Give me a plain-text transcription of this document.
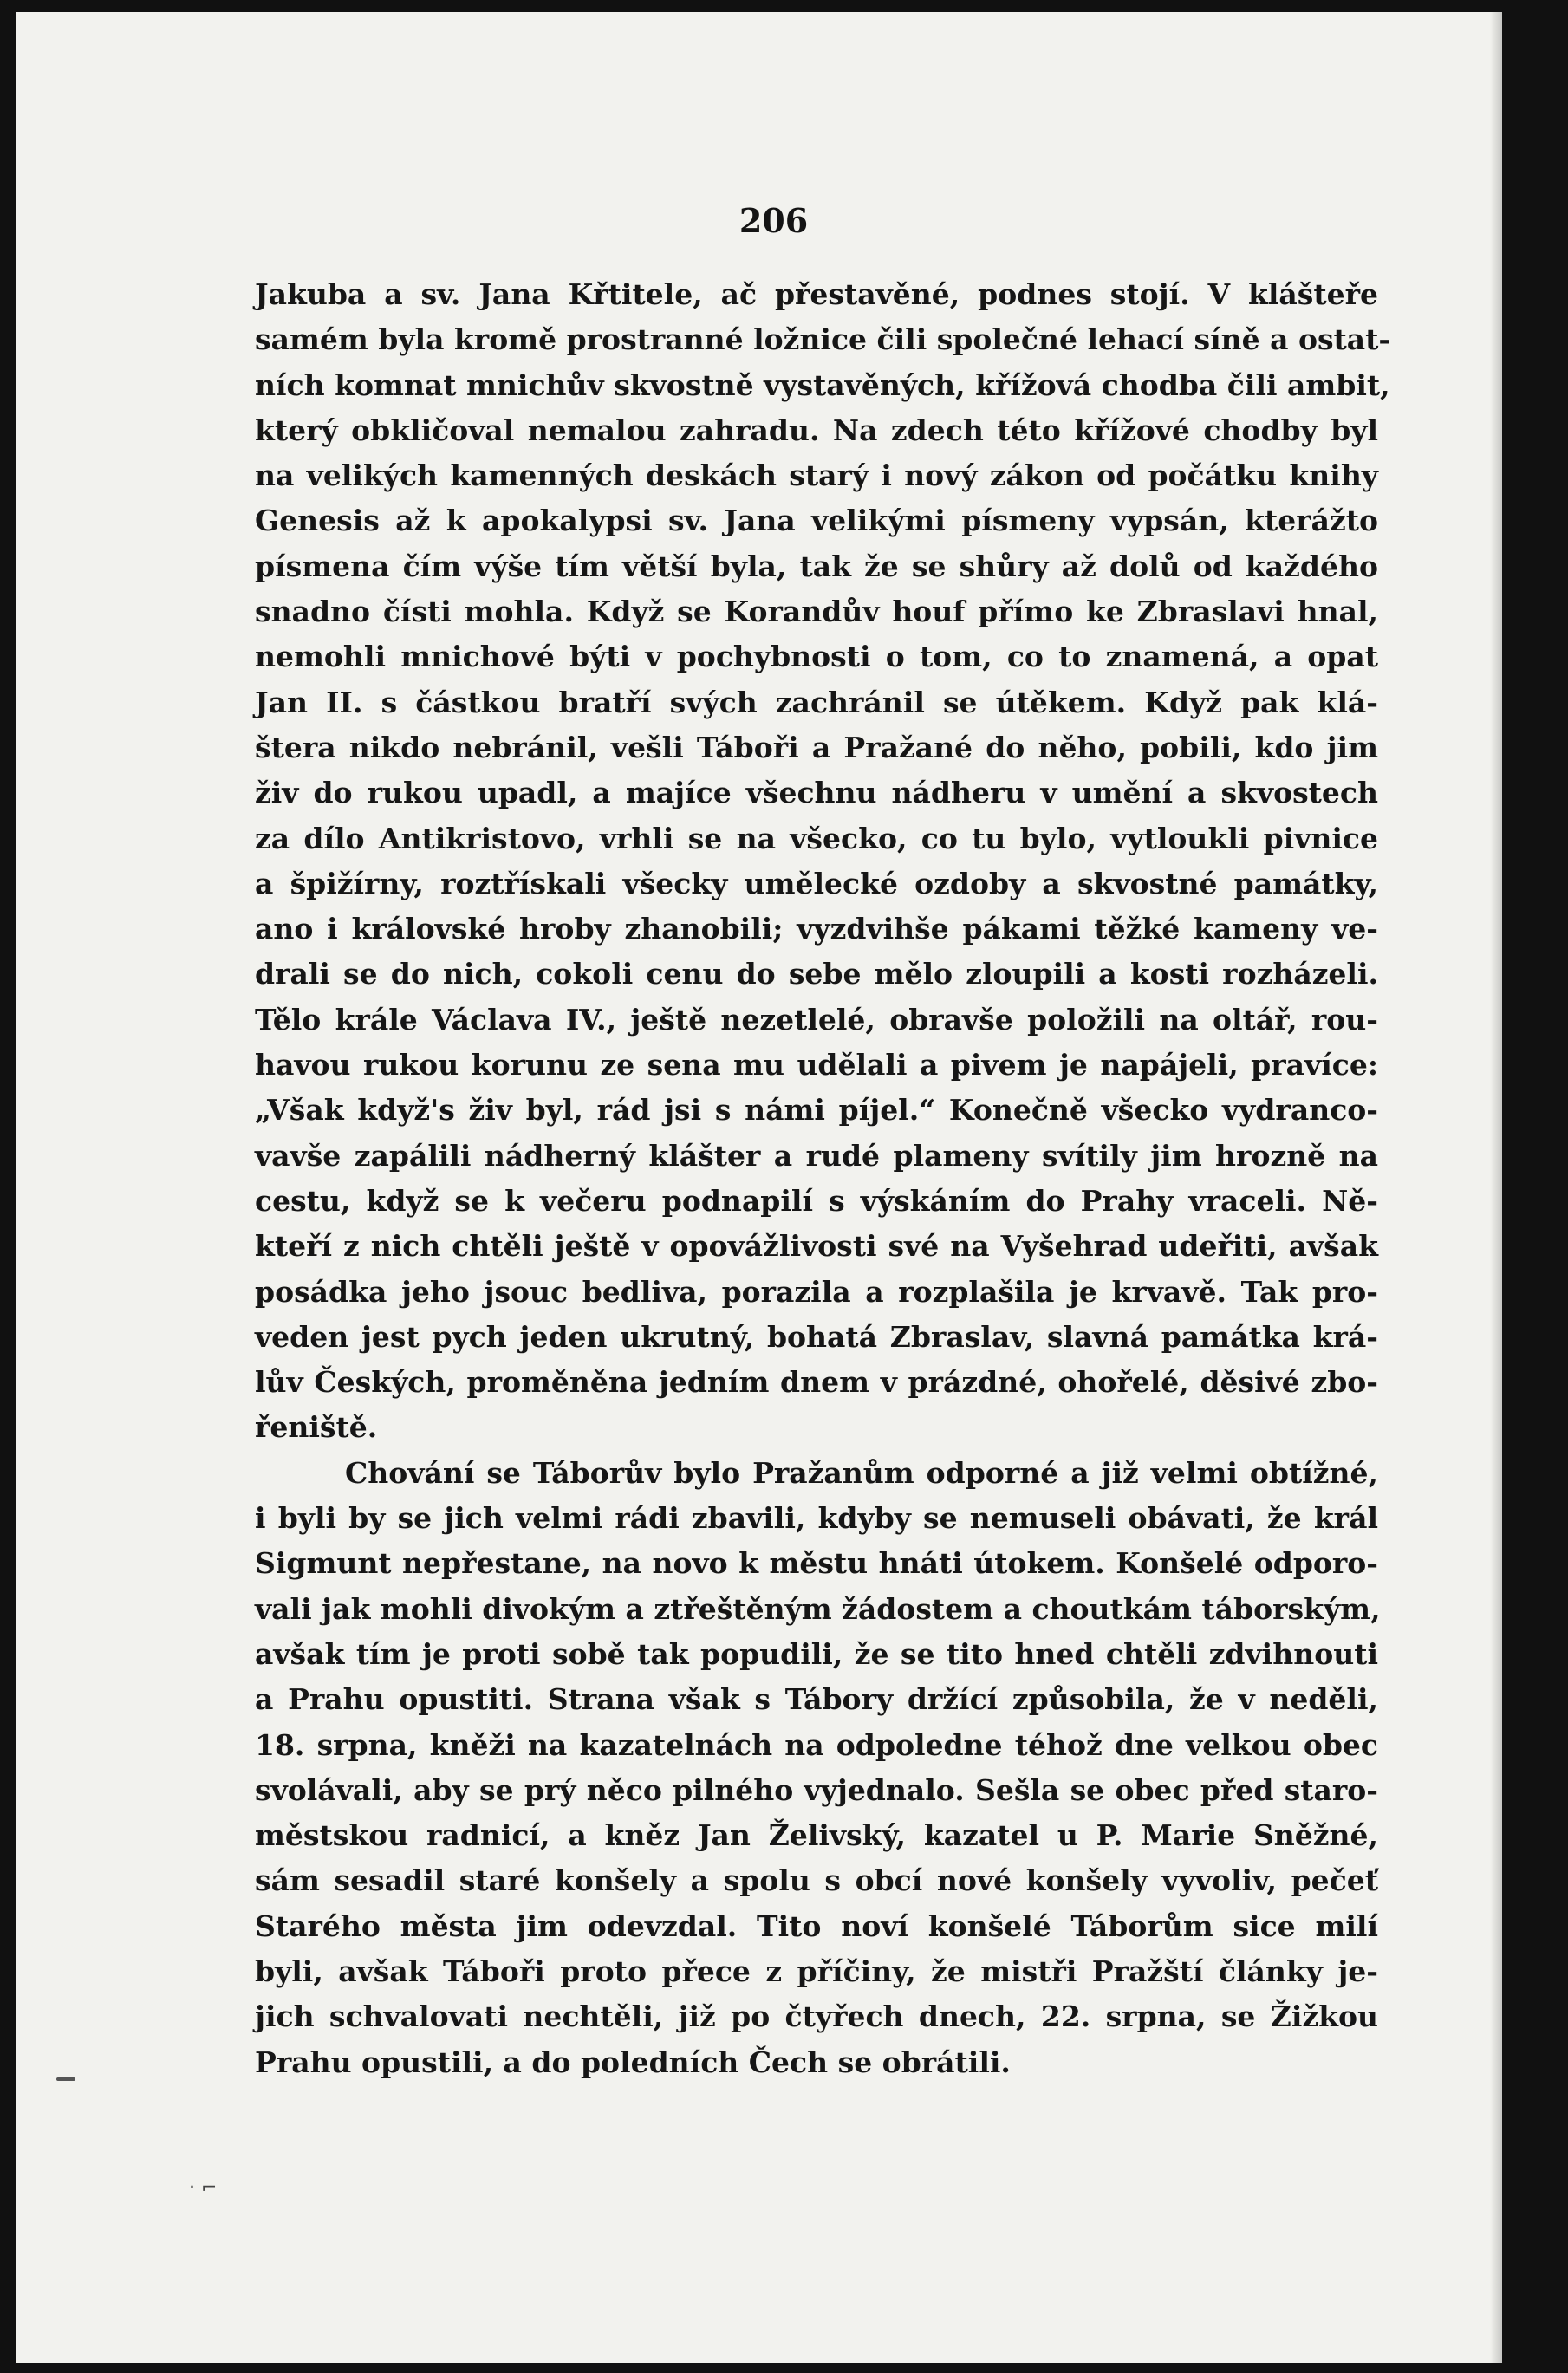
206
Jakuba a sv. Jana Křtitele, ač přestavěné, podnes stojí. V klášteře
samém byla kromě prostranné ložnice čili společné lehací síně a ostat-
ních komnat mnichův skvostně vystavěných, křížová chodba čili ambit,
který obkličoval nemalou zahradu. Na zdech této křížové chodby byl
na velikých kamenných deskách starý i nový zákon od počátku knihy
Genesis až k apokalypsi sv. Jana velikými písmeny vypsán, kterážto
písmena čím výše tím větší byla, tak že se shůry až dolů od každého
snadno čísti mohla. Když se Korandův houf přímo ke Zbraslavi hnal,
nemohli mnichové býti v pochybnosti o tom, co to znamená, a opat
Jan II. s částkou bratří svých zachránil se útěkem. Když pak klá-
štera nikdo nebránil, vešli Táboři a Pražané do něho, pobili, kdo jim
živ do rukou upadl, a majíce všechnu nádheru v umění a skvostech
za dílo Antikristovo, vrhli se na všecko, co tu bylo, vytloukli pivnice
a špižírny, roztřískali všecky umělecké ozdoby a skvostné památky,
ano i královské hroby zhanobili; vyzdvihše pákami těžké kameny ve-
drali se do nich, cokoli cenu do sebe mělo zloupili a kosti rozházeli.
Tělo krále Václava IV., ještě nezetlelé, obravše položili na oltář, rou-
havou rukou korunu ze sena mu udělali a pivem je napájeli, pravíce:
„Však když's živ byl, rád jsi s námi píjel.“ Konečně všecko vydranco-
vavše zapálili nádherný klášter a rudé plameny svítily jim hrozně na
cestu, když se k večeru podnapilí s výskáním do Prahy vraceli. Ně-
kteří z nich chtěli ještě v opovážlivosti své na Vyšehrad udeřiti, avšak
posádka jeho jsouc bedliva, porazila a rozplašila je krvavě. Tak pro-
veden jest pych jeden ukrutný, bohatá Zbraslav, slavná památka krá-
lův Českých, proměněna jedním dnem v prázdné, ohořelé, děsivé zbo-
řeniště.
Chování se Táborův bylo Pražanům odporné a již velmi obtížné,
i byli by se jich velmi rádi zbavili, kdyby se nemuseli obávati, že král
Sigmunt nepřestane, na novo k městu hnáti útokem. Konšelé odporo-
vali jak mohli divokým a ztřeštěným žádostem a choutkám táborským,
avšak tím je proti sobě tak popudili, že se tito hned chtěli zdvihnouti
a Prahu opustiti. Strana však s Tábory držící způsobila, že v neděli,
18. srpna, kněži na kazatelnách na odpoledne téhož dne velkou obec
svolávali, aby se prý něco pilného vyjednalo. Sešla se obec před staro-
městskou radnicí, a kněz Jan Želivský, kazatel u P. Marie Sněžné,
sám sesadil staré konšely a spolu s obcí nové konšely vyvoliv, pečeť
Starého města jim odevzdal. Tito noví konšelé Táborům sice milí
byli, avšak Táboři proto přece z příčiny, že mistři Pražští články je-
jich schvalovati nechtěli, již po čtyřech dnech, 22. srpna, se Žižkou
Prahu opustili, a do poledních Čech se obrátili.
· ⌐
